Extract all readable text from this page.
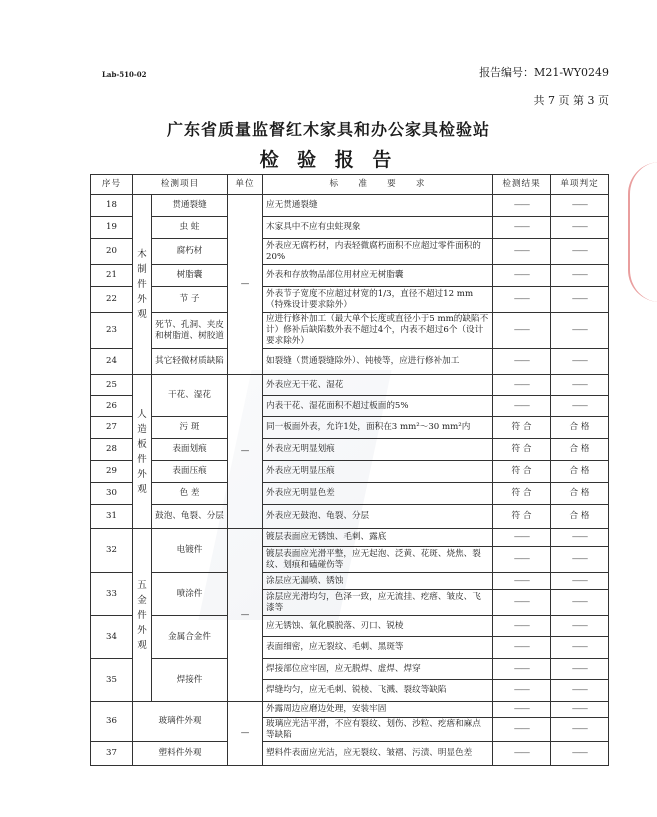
Lab-510-02	报告编号：M21-WY0249
共 7 页 第 3 页
广东省质量监督红木家具和办公家具检验站
检 验 报 告
序号	检测项目		单位	标　　准　　要　　求	检测结果	单项判定
18	木制件外观	贯通裂缝	—	应无贯通裂缝	——	——
19		虫 蛀		木家具中不应有虫蛀现象	——	——
20		腐朽材		外表应无腐朽材，内表轻微腐朽面积不应超过零件面积的20%	——	——
21		树脂囊		外表和存放物品部位用材应无树脂囊	——	——
22		节 子		外表节子宽度不应超过材宽的1/3，直径不超过12 mm（特殊设计要求除外）	——	——
23		死节、孔洞、夹皮和树脂道、树胶道		应进行修补加工（最大单个长度或直径小于5 mm的缺陷不计）修补后缺陷数外表不超过4个，内表不超过6个（设计要求除外）	——	——
24		其它轻微材质缺陷		如裂缝（贯通裂缝除外）、钝棱等，应进行修补加工	——	——
25	人造板件外观	干花、湿花	—	外表应无干花、湿花	——	——
26				内表干花、湿花面积不超过板面的5%	——	——
27		污 斑		同一板面外表，允许1处，面积在3 mm²～30 mm²内	符 合	合 格
28		表面划痕		外表应无明显划痕	符 合	合 格
29		表面压痕		外表应无明显压痕	符 合	合 格
30		色 差		外表应无明显色差	符 合	合 格
31		鼓泡、龟裂、分层		外表应无鼓泡、龟裂、分层	符 合	合 格
32	五金件外观	电镀件	—	镀层表面应无锈蚀、毛刺、露底	——	——
				镀层表面应光滑平整，应无起泡、泛黄、花斑、烧焦、裂纹、划痕和磕碰伤等	——	——
33		喷涂件		涂层应无漏喷、锈蚀	——	——
				涂层应光滑均匀，色泽一致，应无流挂、疙瘩、皱皮、飞漆等	——	——
34		金属合金件		应无锈蚀、氧化膜脱落、刃口、锐棱	——	——
				表面细密，应无裂纹、毛刺、黑斑等	——	——
35		焊接件		焊接部位应牢固，应无脱焊、虚焊、焊穿	——	——
				焊缝均匀，应无毛刺、锐棱、飞溅、裂纹等缺陷	——	——
36	玻璃件外观		—	外露周边应磨边处理，安装牢固	——	——
				玻璃应光洁平滑，不应有裂纹、划伤、沙粒、疙瘩和麻点等缺陷	——	——
37	塑料件外观			塑料件表面应光洁，应无裂纹、皱褶、污渍、明显色差	——	——
